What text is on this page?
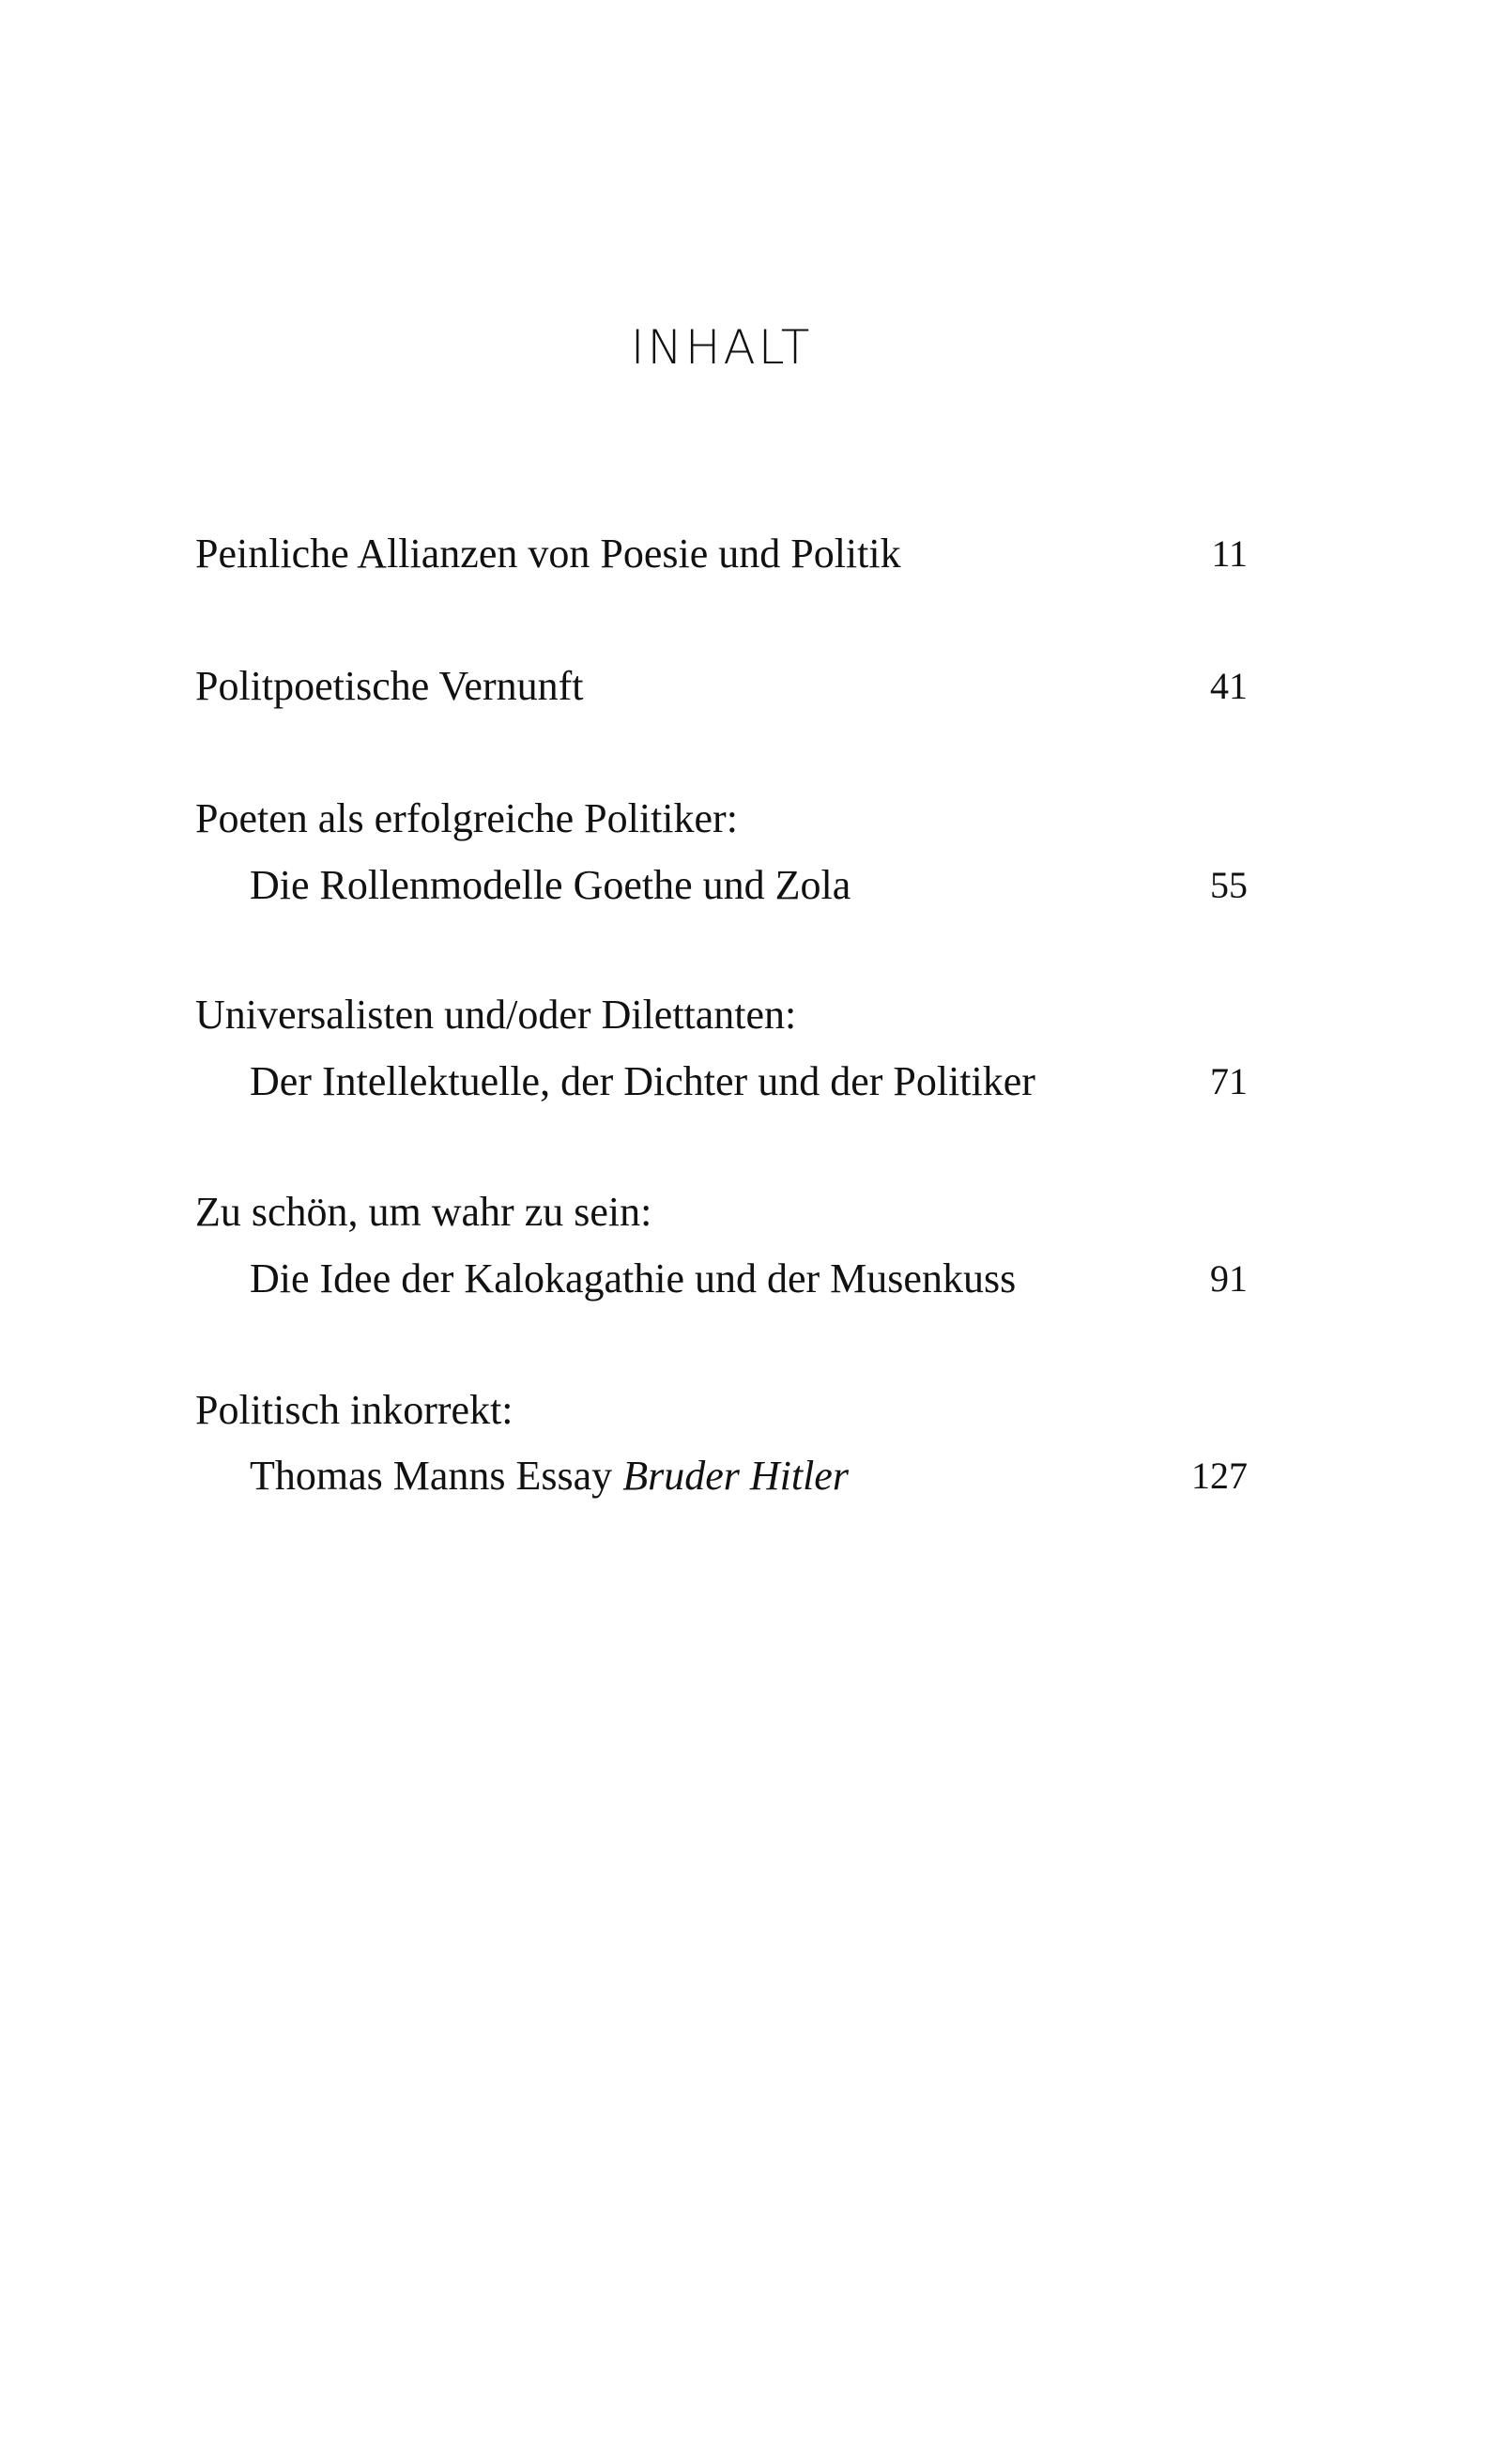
INHALT
Peinliche Allianzen von Poesie und Politik	11
Politpoetische Vernunft	41
Poeten als erfolgreiche Politiker:
Die Rollenmodelle Goethe und Zola	55
Universalisten und/oder Dilettanten:
Der Intellektuelle, der Dichter und der Politiker	71
Zu schön, um wahr zu sein:
Die Idee der Kalokagathie und der Musenkuss	91
Politisch inkorrekt:
Thomas Manns Essay Bruder Hitler	127
